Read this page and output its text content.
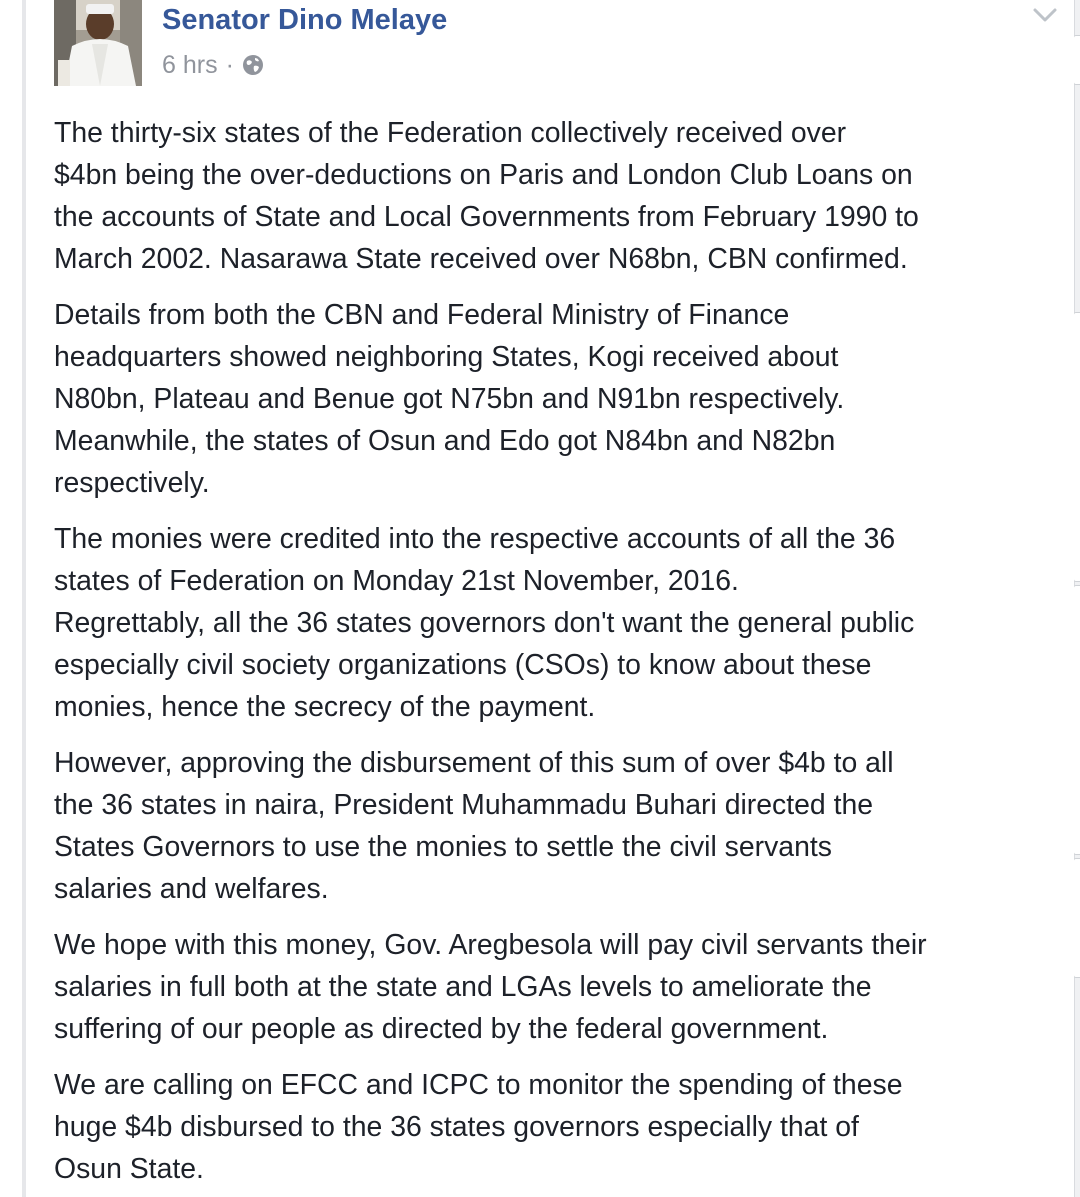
Senator Dino Melaye
6 hrs ·

The thirty-six states of the Federation collectively received over
$4bn being the over-deductions on Paris and London Club Loans on
the accounts of State and Local Governments from February 1990 to
March 2002. Nasarawa State received over N68bn, CBN confirmed.

Details from both the CBN and Federal Ministry of Finance
headquarters showed neighboring States, Kogi received about
N80bn, Plateau and Benue got N75bn and N91bn respectively.
Meanwhile, the states of Osun and Edo got N84bn and N82bn
respectively.

The monies were credited into the respective accounts of all the 36
states of Federation on Monday 21st November, 2016.
Regrettably, all the 36 states governors don't want the general public
especially civil society organizations (CSOs) to know about these
monies, hence the secrecy of the payment.

However, approving the disbursement of this sum of over $4b to all
the 36 states in naira, President Muhammadu Buhari directed the
States Governors to use the monies to settle the civil servants
salaries and welfares.

We hope with this money, Gov. Aregbesola will pay civil servants their
salaries in full both at the state and LGAs levels to ameliorate the
suffering of our people as directed by the federal government.

We are calling on EFCC and ICPC to monitor the spending of these
huge $4b disbursed to the 36 states governors especially that of
Osun State.
